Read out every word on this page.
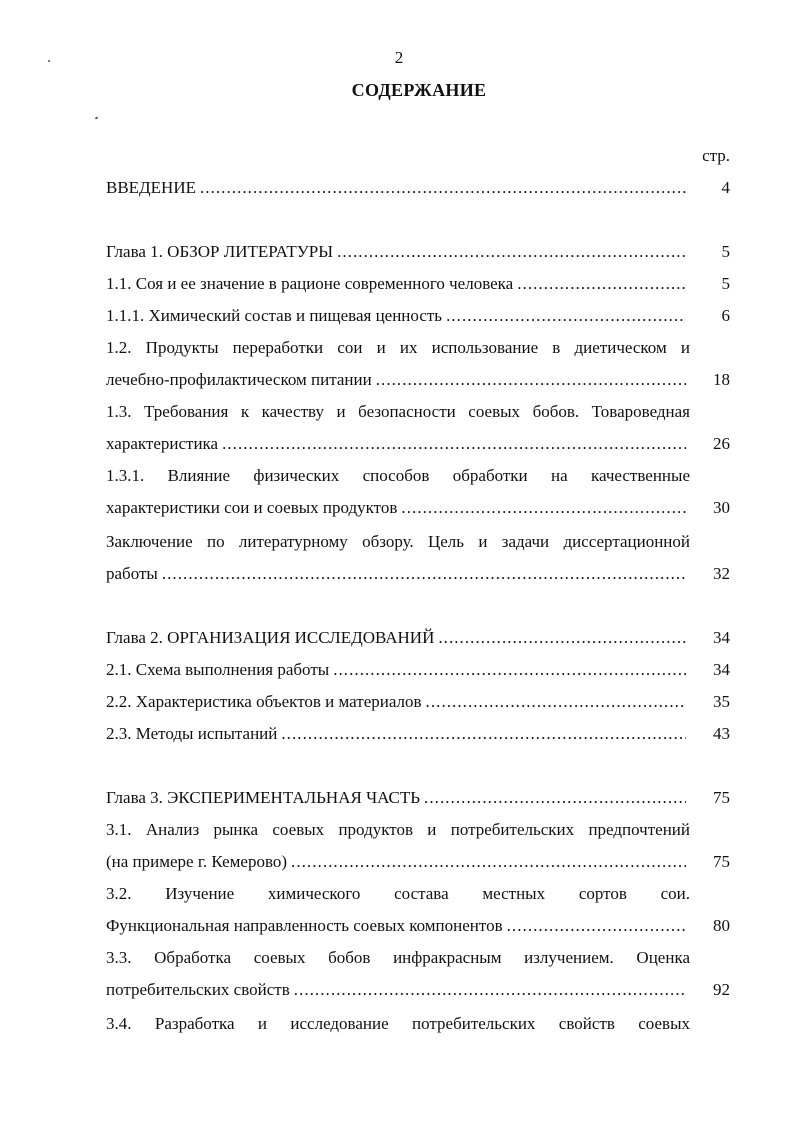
2
СОДЕРЖАНИЕ
стр.
ВВЕДЕНИЕ . . .	4
Глава 1. ОБЗОР ЛИТЕРАТУРЫ . . .	5
1.1. Соя и ее значение в рационе современного человека . . .	5
1.1.1. Химический состав и пищевая ценность . . .	6
1.2. Продукты переработки сои и их использование в диетическом и
лечебно-профилактическом питании . . .	18
1.3. Требования к качеству и безопасности соевых бобов. Товароведная
характеристика . . .	26
1.3.1. Влияние физических способов обработки на качественные
характеристики сои и соевых продуктов . . .	30
Заключение по литературному обзору. Цель и задачи диссертационной
работы . . .	32
Глава 2. ОРГАНИЗАЦИЯ ИССЛЕДОВАНИЙ . . .	34
2.1. Схема выполнения работы . . .	34
2.2. Характеристика объектов и материалов . . .	35
2.3. Методы испытаний . . .	43
Глава 3. ЭКСПЕРИМЕНТАЛЬНАЯ ЧАСТЬ . . .	75
3.1. Анализ рынка соевых продуктов и потребительских предпочтений
(на примере г. Кемерово) . . .	75
3.2. Изучение химического состава местных сортов сои.
Функциональная направленность соевых компонентов . . .	80
3.3. Обработка соевых бобов инфракрасным излучением. Оценка
потребительских свойств . . .	92
3.4. Разработка и исследование потребительских свойств соевых
